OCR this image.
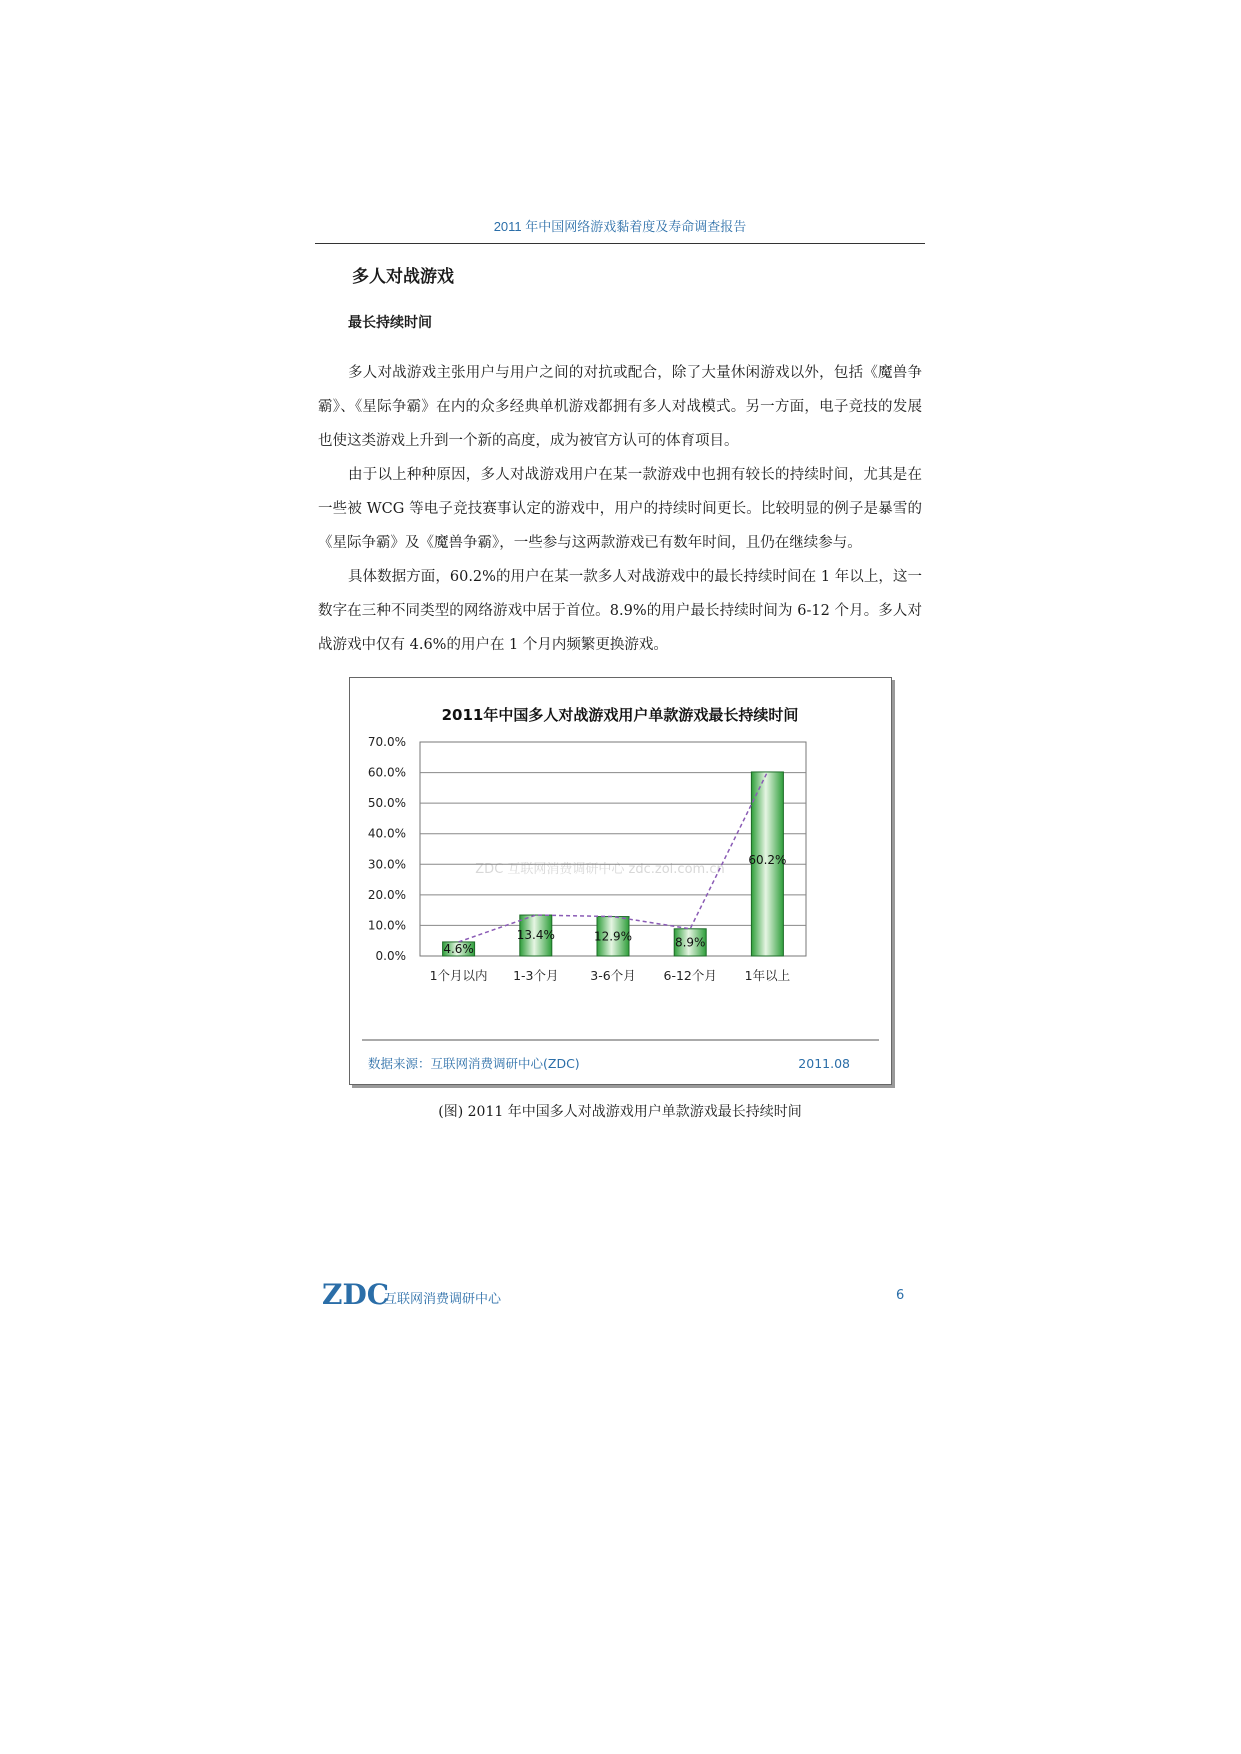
2011 年中国网络游戏黏着度及寿命调查报告
多人对战游戏
最长持续时间

多人对战游戏主张用户与用户之间的对抗或配合，除了大量休闲游戏以外，包括《魔兽争霸》、《星际争霸》在内的众多经典单机游戏都拥有多人对战模式。另一方面，电子竞技的发展也使这类游戏上升到一个新的高度，成为被官方认可的体育项目。

由于以上种种原因，多人对战游戏用户在某一款游戏中也拥有较长的持续时间，尤其是在一些被 WCG 等电子竞技赛事认定的游戏中，用户的持续时间更长。比较明显的例子是暴雪的《星际争霸》及《魔兽争霸》，一些参与这两款游戏已有数年时间，且仍在继续参与。

具体数据方面，60.2%的用户在某一款多人对战游戏中的最长持续时间在 1 年以上，这一数字在三种不同类型的网络游戏中居于首位。8.9%的用户最长持续时间为 6-12 个月。多人对战游戏中仅有 4.6%的用户在 1 个月内频繁更换游戏。

2011年中国多人对战游戏用户单款游戏最长持续时间
ZDC 互联网消费调研中心 zdc.zol.com.cn
0.0%
10.0%
20.0%
30.0%
40.0%
50.0%
60.0%
70.0%
1个月以内 1-3个月	3-6个月 6-12个月 1年以上
4.6%
13.4%	12.9%	8.9%
60.2%
数据来源：互联网消费调研中心(ZDC)	2011.08
(图) 2011 年中国多人对战游戏用户单款游戏最长持续时间
ZDC
互联网消费调研中心	6
